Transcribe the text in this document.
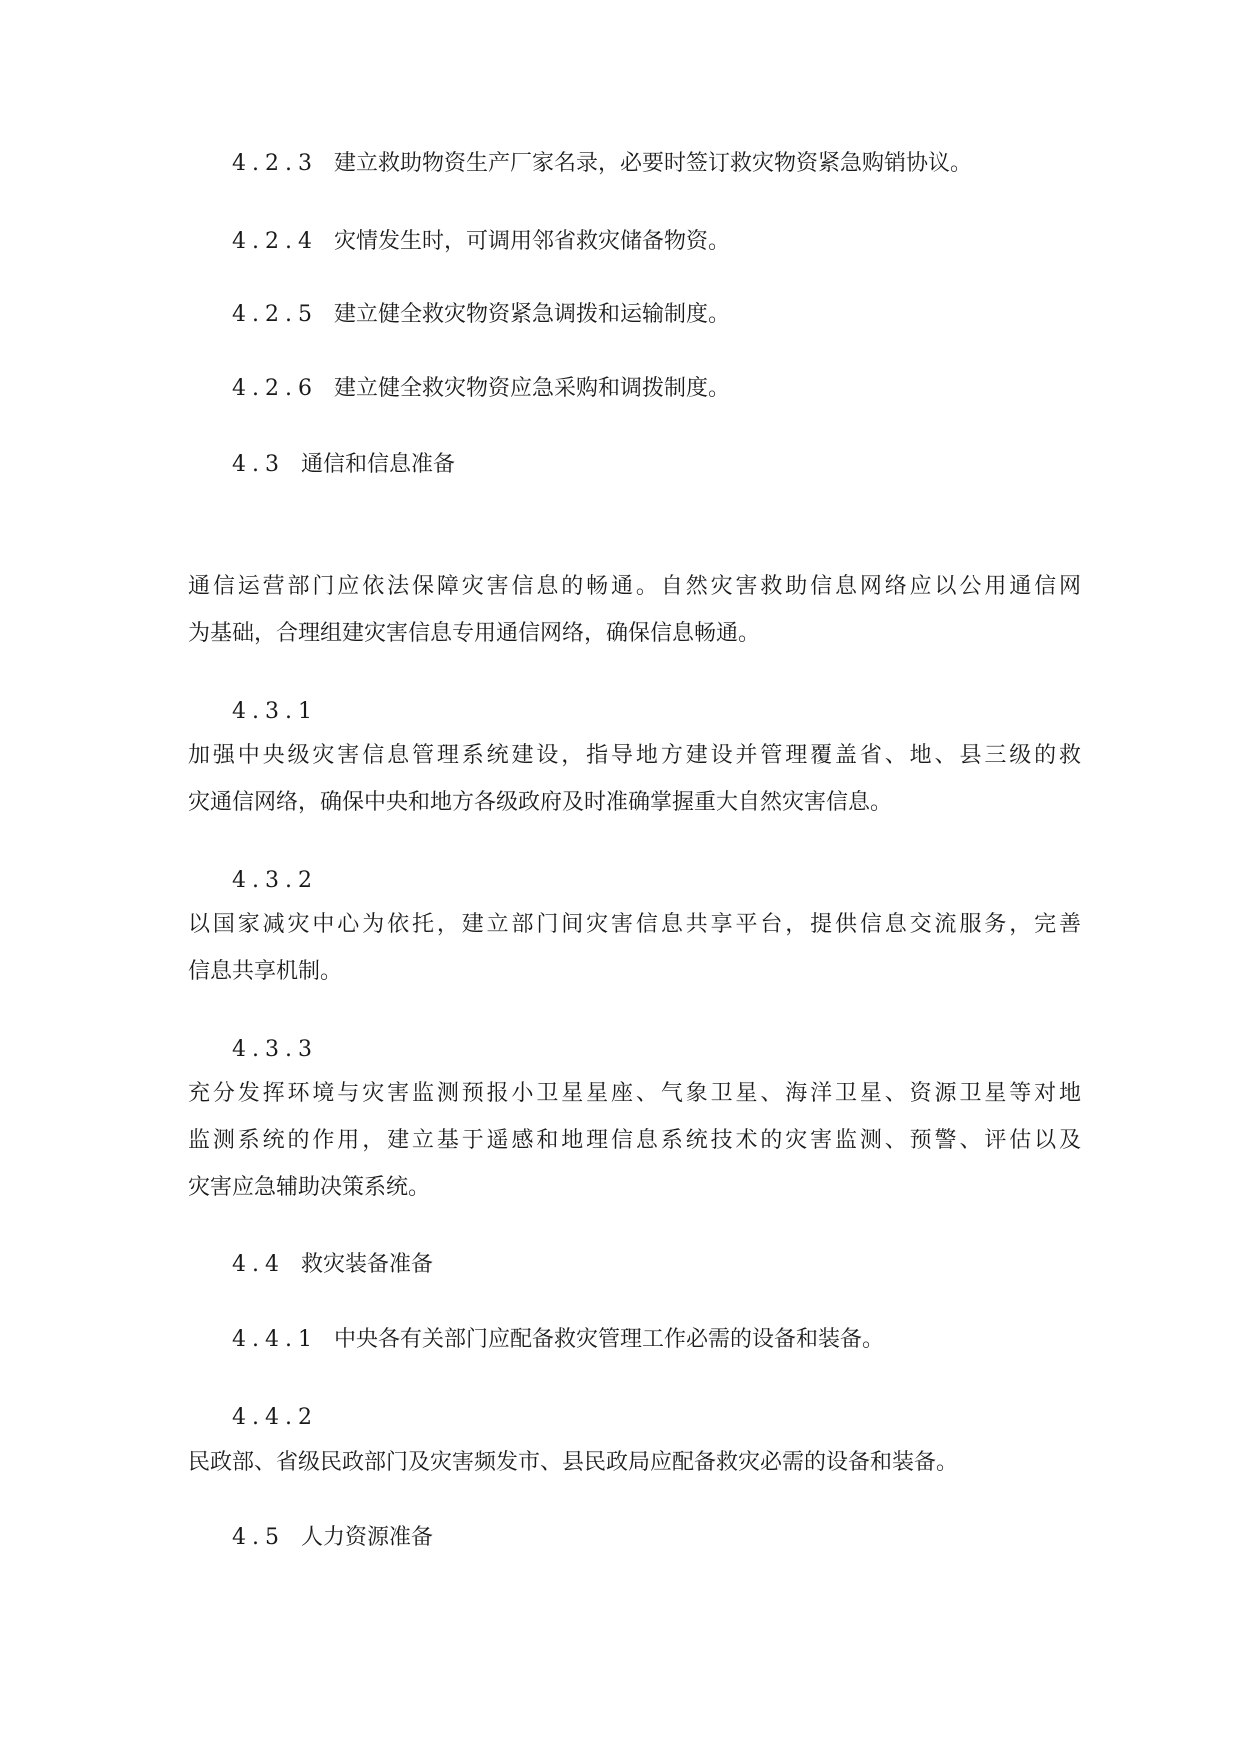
4.2.3 建立救助物资生产厂家名录，必要时签订救灾物资紧急购销协议。
4.2.4 灾情发生时，可调用邻省救灾储备物资。
4.2.5 建立健全救灾物资紧急调拨和运输制度。
4.2.6 建立健全救灾物资应急采购和调拨制度。
4.3 通信和信息准备
通信运营部门应依法保障灾害信息的畅通。自然灾害救助信息网络应以公用通信网
为基础，合理组建灾害信息专用通信网络，确保信息畅通。
4.3.1
加强中央级灾害信息管理系统建设，指导地方建设并管理覆盖省、地、县三级的救
灾通信网络，确保中央和地方各级政府及时准确掌握重大自然灾害信息。
4.3.2
以国家减灾中心为依托，建立部门间灾害信息共享平台，提供信息交流服务，完善
信息共享机制。
4.3.3
充分发挥环境与灾害监测预报小卫星星座、气象卫星、海洋卫星、资源卫星等对地
监测系统的作用，建立基于遥感和地理信息系统技术的灾害监测、预警、评估以及
灾害应急辅助决策系统。
4.4 救灾装备准备
4.4.1 中央各有关部门应配备救灾管理工作必需的设备和装备。
4.4.2
民政部、省级民政部门及灾害频发市、县民政局应配备救灾必需的设备和装备。
4.5 人力资源准备
